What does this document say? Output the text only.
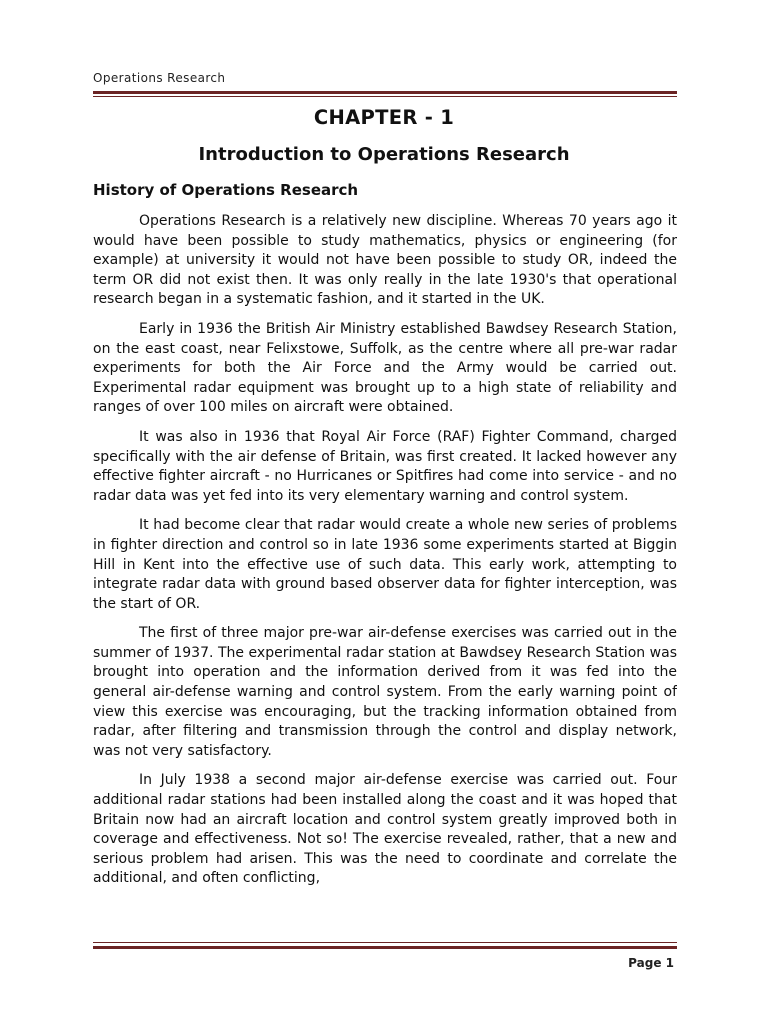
Operations Research
CHAPTER - 1
Introduction to Operations Research
History of Operations Research

Operations Research is a relatively new discipline. Whereas 70 years ago it would have been possible to study mathematics, physics or engineering (for example) at university it would not have been possible to study OR, indeed the term OR did not exist then. It was only really in the late 1930's that operational research began in a systematic fashion, and it started in the UK.

Early in 1936 the British Air Ministry established Bawdsey Research Station, on the east coast, near Felixstowe, Suffolk, as the centre where all pre-war radar experiments for both the Air Force and the Army would be carried out. Experimental radar equipment was brought up to a high state of reliability and ranges of over 100 miles on aircraft were obtained.

It was also in 1936 that Royal Air Force (RAF) Fighter Command, charged specifically with the air defense of Britain, was first created. It lacked however any effective fighter aircraft - no Hurricanes or Spitfires had come into service - and no radar data was yet fed into its very elementary warning and control system.

It had become clear that radar would create a whole new series of problems in fighter direction and control so in late 1936 some experiments started at Biggin Hill in Kent into the effective use of such data. This early work, attempting to integrate radar data with ground based observer data for fighter interception, was the start of OR.

The first of three major pre-war air-defense exercises was carried out in the summer of 1937. The experimental radar station at Bawdsey Research Station was brought into operation and the information derived from it was fed into the general air-defense warning and control system. From the early warning point of view this exercise was encouraging, but the tracking information obtained from radar, after filtering and transmission through the control and display network, was not very satisfactory.

In July 1938 a second major air-defense exercise was carried out. Four additional radar stations had been installed along the coast and it was hoped that Britain now had an aircraft location and control system greatly improved both in coverage and effectiveness. Not so! The exercise revealed, rather, that a new and serious problem had arisen. This was the need to coordinate and correlate the additional, and often conflicting,

Page 1
